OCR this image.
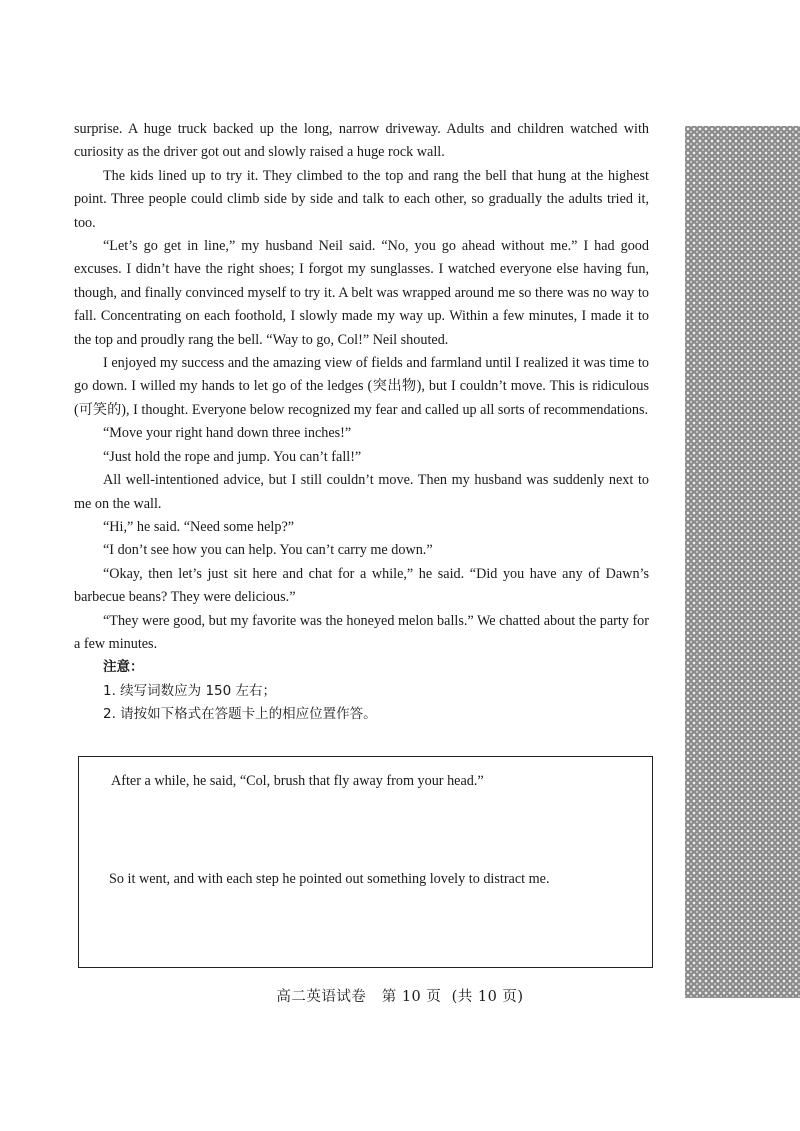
surprise. A huge truck backed up the long, narrow driveway. Adults and children watched with curiosity as the driver got out and slowly raised a huge rock wall.

The kids lined up to try it. They climbed to the top and rang the bell that hung at the highest point. Three people could climb side by side and talk to each other, so gradually the adults tried it, too.

“Let’s go get in line,” my husband Neil said. “No, you go ahead without me.” I had good excuses. I didn’t have the right shoes; I forgot my sunglasses. I watched everyone else having fun, though, and finally convinced myself to try it. A belt was wrapped around me so there was no way to fall. Concentrating on each foothold, I slowly made my way up. Within a few minutes, I made it to the top and proudly rang the bell. “Way to go, Col!” Neil shouted.

I enjoyed my success and the amazing view of fields and farmland until I realized it was time to go down. I willed my hands to let go of the ledges (突出物), but I couldn’t move. This is ridiculous (可笑的), I thought. Everyone below recognized my fear and called up all sorts of recommendations.

“Move your right hand down three inches!”

“Just hold the rope and jump. You can’t fall!”

All well-intentioned advice, but I still couldn’t move. Then my husband was suddenly next to me on the wall.

“Hi,” he said. “Need some help?”

“I don’t see how you can help. You can’t carry me down.”

“Okay, then let’s just sit here and chat for a while,” he said. “Did you have any of Dawn’s barbecue beans? They were delicious.”

“They were good, but my favorite was the honeyed melon balls.” We chatted about the party for a few minutes.

注意：

1. 续写词数应为 150 左右；

2. 请按如下格式在答题卡上的相应位置作答。

After a while, he said, “Col, brush that fly away from your head.”
So it went, and with each step he pointed out something lovely to distract me.
高二英语试卷   第 10 页  (共 10 页)
